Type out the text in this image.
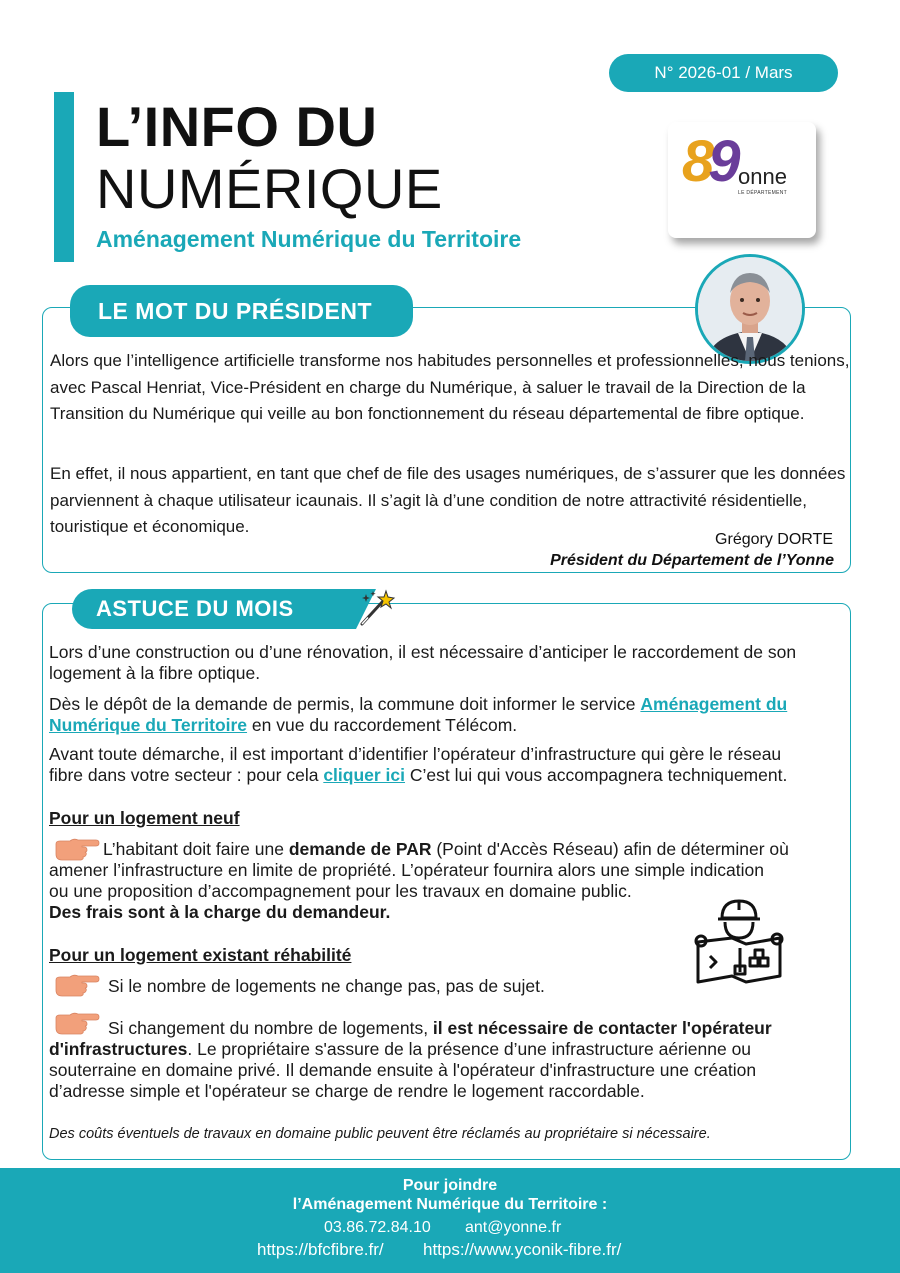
N° 2026-01 / Mars
L’INFO DU
NUMÉRIQUE
Aménagement Numérique du Territoire
89 onne
LE DÉPARTEMENT
LE MOT DU PRÉSIDENT
Alors que l’intelligence artificielle transforme nos habitudes personnelles et professionnelles, nous tenions, avec Pascal Henriat, Vice-Président en charge du Numérique, à saluer le travail de la Direction de la Transition du Numérique qui veille au bon fonctionnement du réseau départemental de fibre optique.
En effet, il nous appartient, en tant que chef de file des usages numériques, de s’assurer que les données parviennent à chaque utilisateur icaunais. Il s’agit là d’une condition de notre attractivité résidentielle, touristique et économique.
Grégory DORTE
Président du Département de l’Yonne
ASTUCE DU MOIS
Lors d’une construction ou d’une rénovation, il est nécessaire d’anticiper le raccordement de son logement à la fibre optique.
Dès le dépôt de la demande de permis, la commune doit informer le service Aménagement du
Numérique du Territoire en vue du raccordement Télécom.
Avant toute démarche, il est important d’identifier l’opérateur d’infrastructure qui gère le réseau
fibre dans votre secteur : pour cela cliquer ici C’est lui qui vous accompagnera techniquement.
Pour un logement neuf
L’habitant doit faire une demande de PAR (Point d'Accès Réseau) afin de déterminer où
amener l’infrastructure en limite de propriété. L’opérateur fournira alors une simple indication
ou une proposition d’accompagnement pour les travaux en domaine public.
Des frais sont à la charge du demandeur.
Pour un logement existant réhabilité
Si le nombre de logements ne change pas, pas de sujet.
Si changement du nombre de logements, il est nécessaire de contacter l'opérateur
d'infrastructures. Le propriétaire s'assure de la présence d’une infrastructure aérienne ou
souterraine en domaine privé. Il demande ensuite à l'opérateur d'infrastructure une création
d’adresse simple et l'opérateur se charge de rendre le logement raccordable.
Des coûts éventuels de travaux en domaine public peuvent être réclamés au propriétaire si nécessaire.
Pour joindre
l’Aménagement Numérique du Territoire :
03.86.72.84.10 ant@yonne.fr
https://bfcfibre.fr/ https://www.yconik-fibre.fr/
